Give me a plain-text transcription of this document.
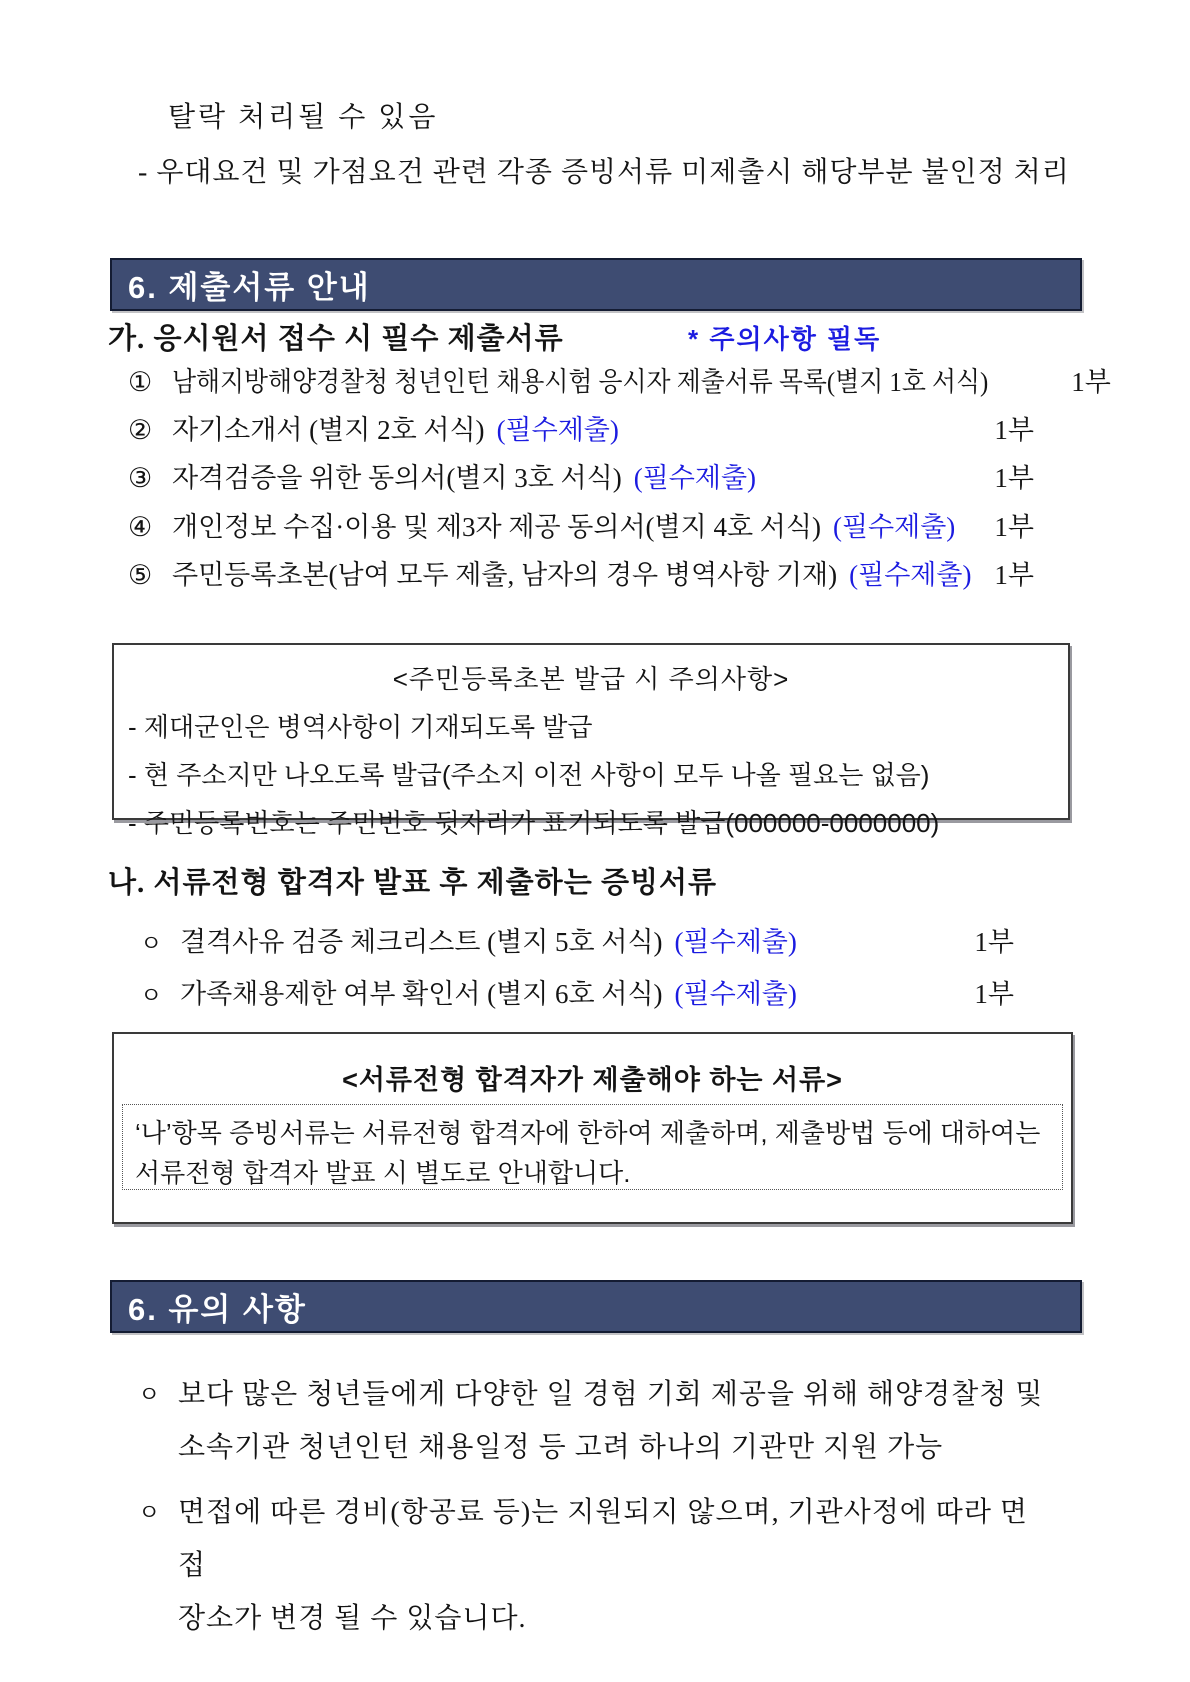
탈락 처리될 수 있음
- 우대요건 및 가점요건 관련 각종 증빙서류 미제출시 해당부분 불인정 처리
6. 제출서류 안내
가. 응시원서 접수 시 필수 제출서류	* 주의사항 필독
① 남해지방해양경찰청 청년인턴 채용시험 응시자 제출서류 목록(별지 1호 서식)	1부
② 자기소개서 (별지 2호 서식) (필수제출)	1부
③ 자격검증을 위한 동의서(별지 3호 서식) (필수제출)	1부
④ 개인정보 수집·이용 및 제3자 제공 동의서(별지 4호 서식) (필수제출) 1부
⑤ 주민등록초본(남여 모두 제출, 남자의 경우 병역사항 기재) (필수제출) 1부
<주민등록초본 발급 시 주의사항>
- 제대군인은 병역사항이 기재되도록 발급
- 현 주소지만 나오도록 발급(주소지 이전 사항이 모두 나올 필요는 없음)
- 주민등록번호는 주민번호 뒷자리가 표기되도록 발급(000000-0000000)
나. 서류전형 합격자 발표 후 제출하는 증빙서류
ㅇ 결격사유 검증 체크리스트 (별지 5호 서식) (필수제출)	1부
ㅇ 가족채용제한 여부 확인서 (별지 6호 서식) (필수제출)	1부
<서류전형 합격자가 제출해야 하는 서류>
‘나’항목 증빙서류는 서류전형 합격자에 한하여 제출하며, 제출방법 등에 대하여는
서류전형 합격자 발표 시 별도로 안내합니다.
6. 유의 사항
ㅇ 보다 많은 청년들에게 다양한 일 경험 기회 제공을 위해 해양경찰청 및
소속기관 청년인턴 채용일정 등 고려 하나의 기관만 지원 가능
ㅇ 면접에 따른 경비(항공료 등)는 지원되지 않으며, 기관사정에 따라 면접
장소가 변경 될 수 있습니다.
